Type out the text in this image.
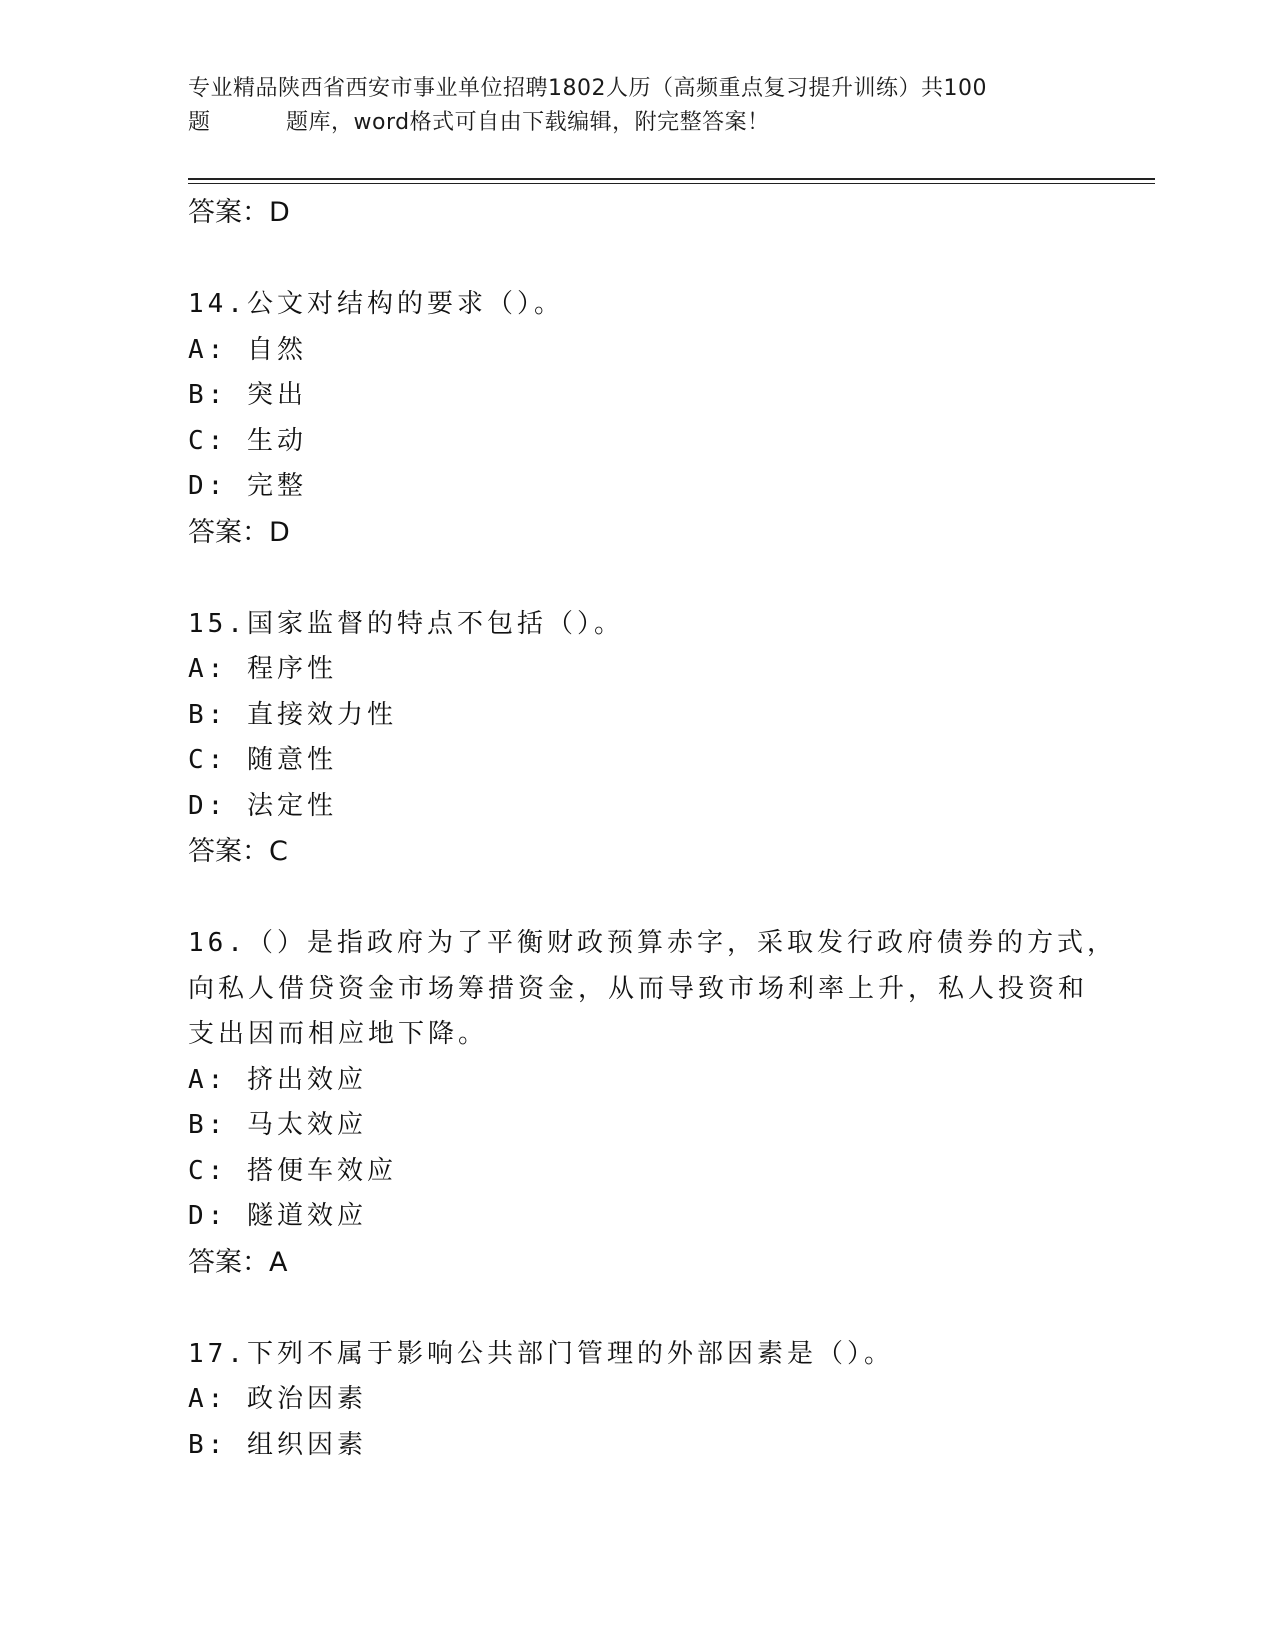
专业精品陕西省西安市事业单位招聘1802人历（高频重点复习提升训练）共100
题	题库，word格式可自由下载编辑，附完整答案！
答案：D
14.公文对结构的要求（）。
A: 自然
B: 突出
C: 生动
D: 完整
答案：D
15.国家监督的特点不包括（）。
A: 程序性
B: 直接效力性
C: 随意性
D: 法定性
答案：C
16.（）是指政府为了平衡财政预算赤字，采取发行政府债券的方式，
向私人借贷资金市场筹措资金，从而导致市场利率上升，私人投资和
支出因而相应地下降。
A: 挤出效应
B: 马太效应
C: 搭便车效应
D: 隧道效应
答案：A
17.下列不属于影响公共部门管理的外部因素是（）。
A: 政治因素
B: 组织因素
